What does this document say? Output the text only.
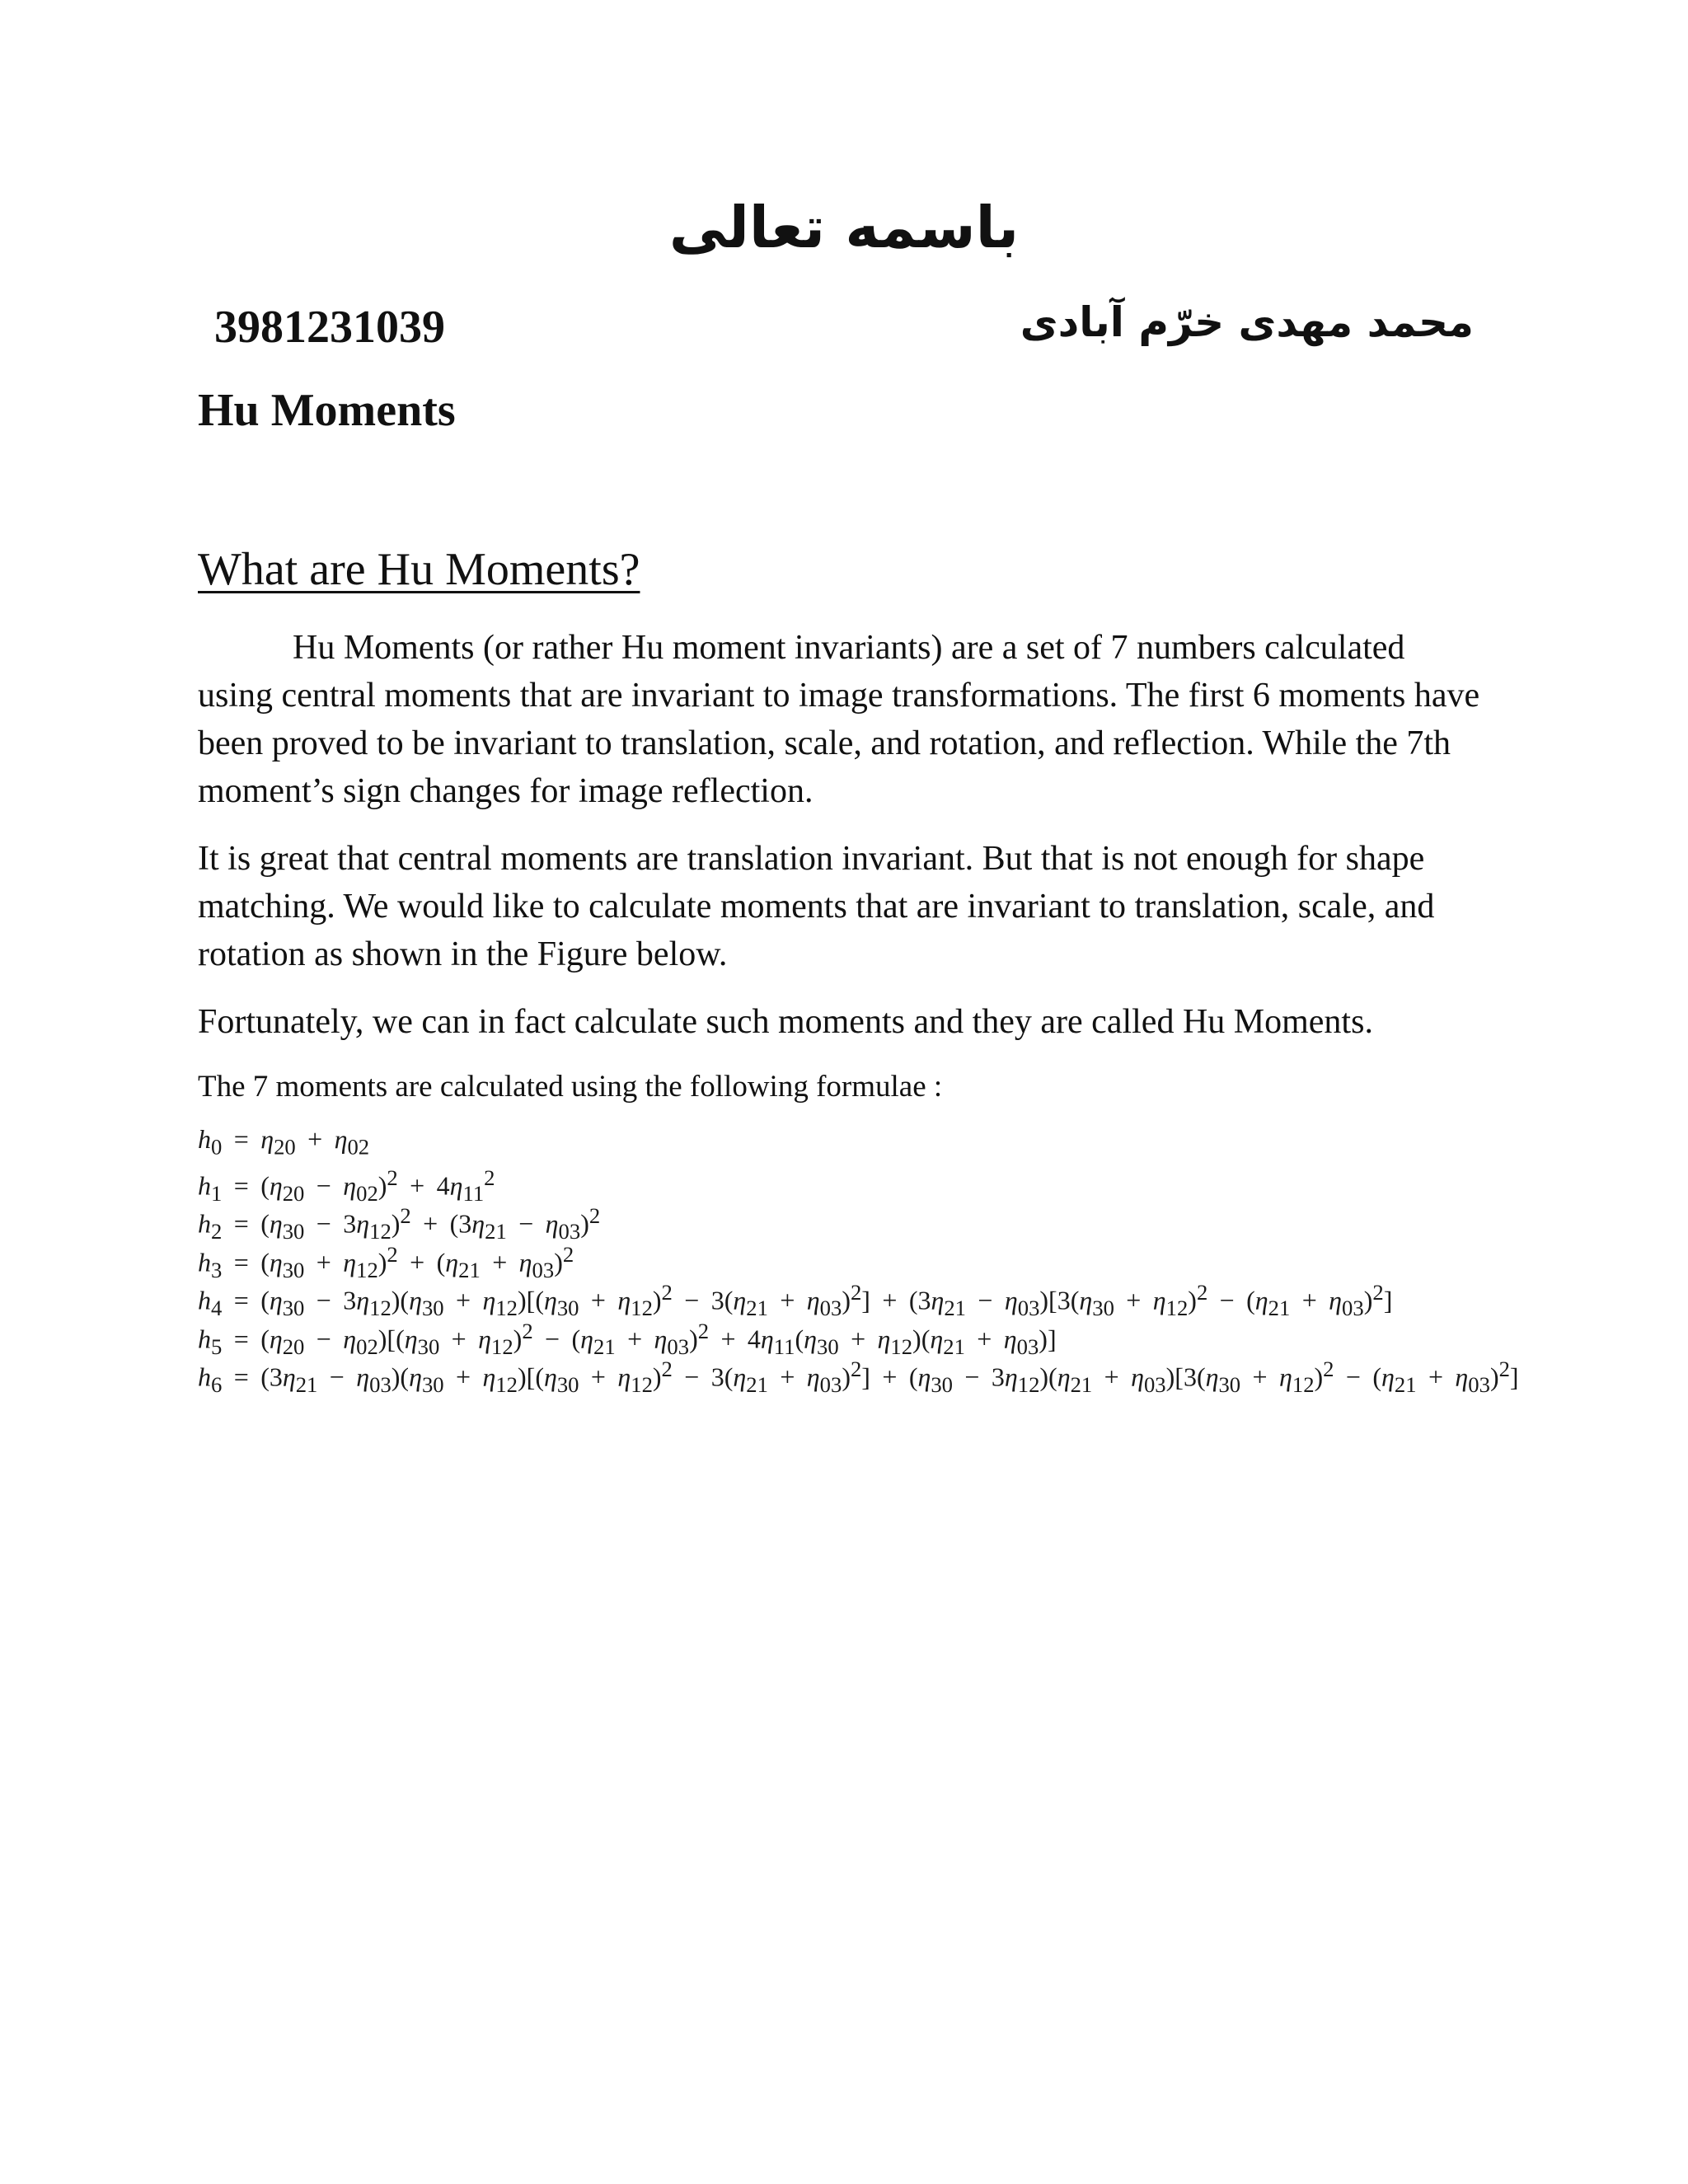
باسمه تعالی
3981231039	محمد مهدی خرّم آبادی
Hu Moments
What are Hu Moments?

Hu Moments (or rather Hu moment invariants) are a set of 7 numbers calculated using central moments that are invariant to image transformations. The first 6 moments have been proved to be invariant to translation, scale, and rotation, and reflection. While the 7th moment’s sign changes for image reflection.

It is great that central moments are translation invariant. But that is not enough for shape matching. We would like to calculate moments that are invariant to translation, scale, and rotation as shown in the Figure below.

Fortunately, we can in fact calculate such moments and they are called Hu Moments.

The 7 moments are calculated using the following formulae :
$h_0 = \eta_{20} + \eta_{02}$
$h_1 = (\eta_{20} - \eta_{02})^2 + 4\eta_{11}^2$
$h_2 = (\eta_{30} - 3\eta_{12})^2 + (3\eta_{21} - \eta_{03})^2$
$h_3 = (\eta_{30} + \eta_{12})^2 + (\eta_{21} + \eta_{03})^2$
$h_4 = (\eta_{30} - 3\eta_{12})(\eta_{30} + \eta_{12})[(\eta_{30} + \eta_{12})^2 - 3(\eta_{21} + \eta_{03})^2] + (3\eta_{21} - \eta_{03})[3(\eta_{30} + \eta_{12})^2 - (\eta_{21} + \eta_{03})^2]$
$h_5 = (\eta_{20} - \eta_{02})[(\eta_{30} + \eta_{12})^2 - (\eta_{21} + \eta_{03})^2 + 4\eta_{11}(\eta_{30} + \eta_{12})(\eta_{21} + \eta_{03})]$
$h_6 = (3\eta_{21} - \eta_{03})(\eta_{30} + \eta_{12})[(\eta_{30} + \eta_{12})^2 - 3(\eta_{21} + \eta_{03})^2] + (\eta_{30} - 3\eta_{12})(\eta_{21} + \eta_{03})[3(\eta_{30} + \eta_{12})^2 - (\eta_{21} + \eta_{03})^2]$
